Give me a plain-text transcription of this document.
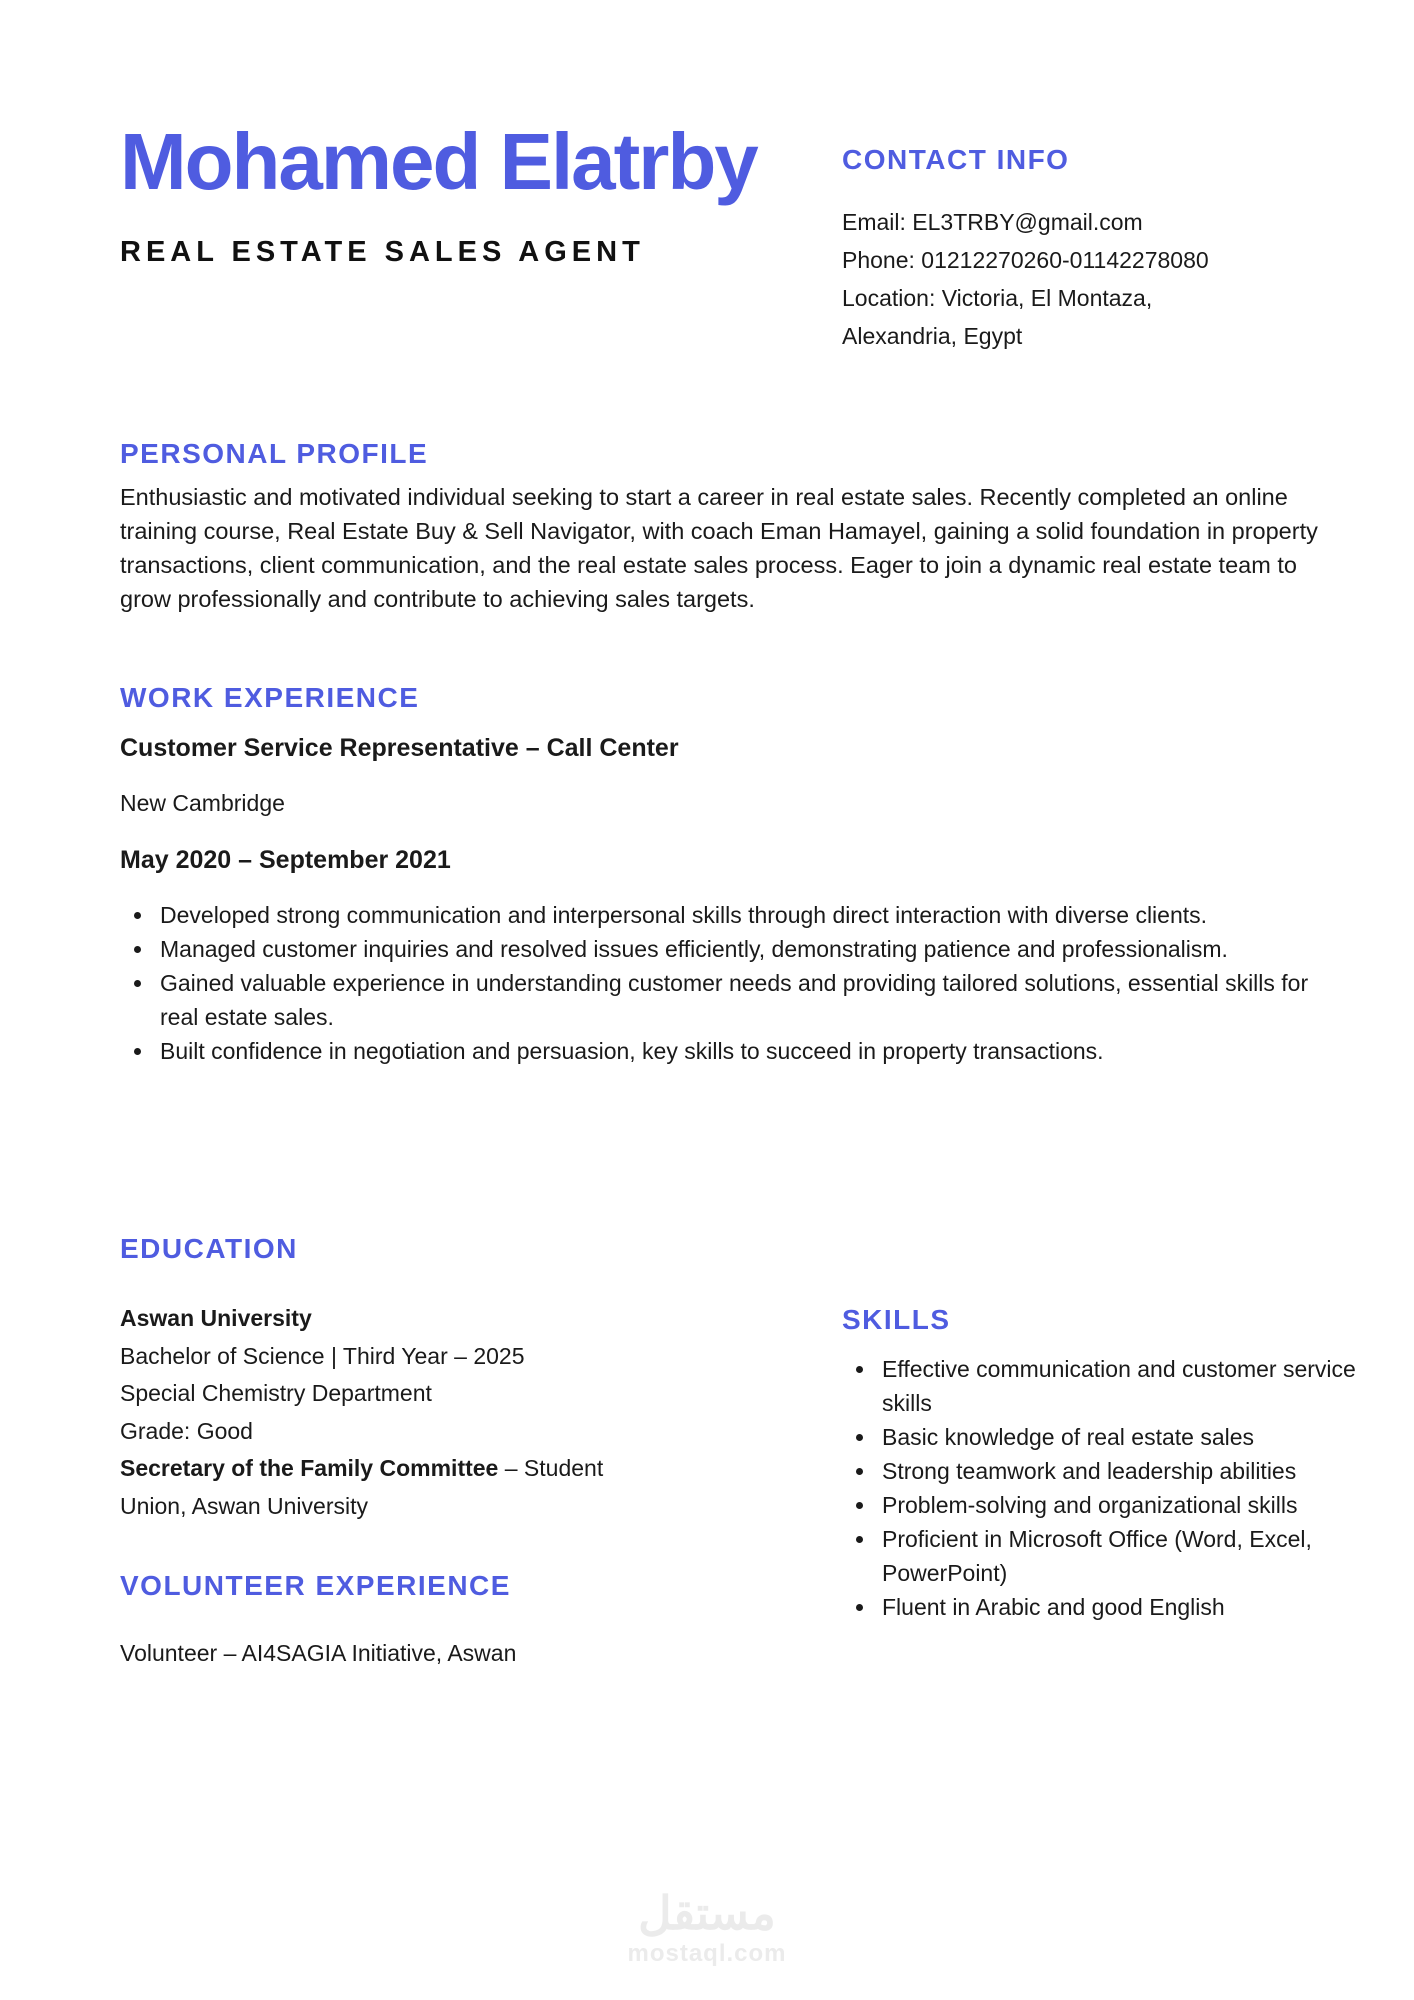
Mohamed Elatrby
REAL ESTATE SALES AGENT
CONTACT INFO
Email: EL3TRBY@gmail.com
Phone: 01212270260-01142278080
Location: Victoria, El Montaza,
Alexandria, Egypt
PERSONAL PROFILE
Enthusiastic and motivated individual seeking to start a career in real estate sales. Recently completed an online training course, Real Estate Buy & Sell Navigator, with coach Eman Hamayel, gaining a solid foundation in property transactions, client communication, and the real estate sales process. Eager to join a dynamic real estate team to grow professionally and contribute to achieving sales targets.
WORK EXPERIENCE
Customer Service Representative – Call Center
New Cambridge
May 2020 – September 2021
Developed strong communication and interpersonal skills through direct interaction with diverse clients.
Managed customer inquiries and resolved issues efficiently, demonstrating patience and professionalism.
Gained valuable experience in understanding customer needs and providing tailored solutions, essential skills for real estate sales.
Built confidence in negotiation and persuasion, key skills to succeed in property transactions.
EDUCATION
Aswan University
Bachelor of Science | Third Year – 2025
Special Chemistry Department
Grade: Good
Secretary of the Family Committee – Student
Union, Aswan University
VOLUNTEER EXPERIENCE
Volunteer – AI4SAGIA Initiative, Aswan
SKILLS
Effective communication and customer service skills
Basic knowledge of real estate sales
Strong teamwork and leadership abilities
Problem-solving and organizational skills
Proficient in Microsoft Office (Word, Excel, PowerPoint)
Fluent in Arabic and good English
مستقل
mostaql.com
